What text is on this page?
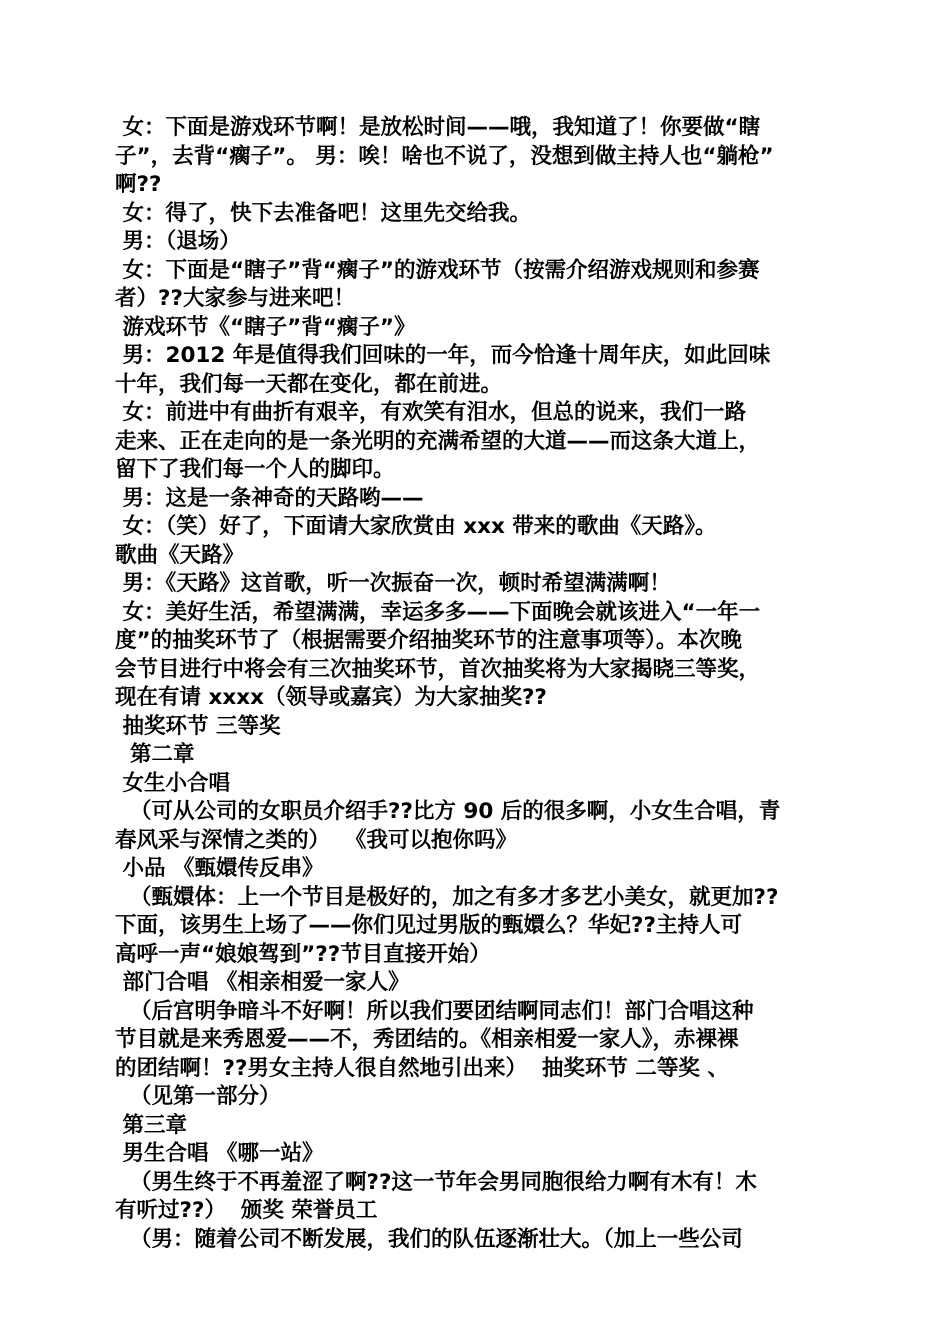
女：下面是游戏环节啊！是放松时间——哦，我知道了！你要做“瞎
子”，去背“瘸子”。 男：唉！啥也不说了，没想到做主持人也“躺枪”
啊??
女：得了，快下去准备吧！这里先交给我。
男：（退场）
女：下面是“瞎子”背“瘸子”的游戏环节（按需介绍游戏规则和参赛
者）??大家参与进来吧！
游戏环节《“瞎子”背“瘸子”》
男：2012 年是值得我们回味的一年，而今恰逢十周年庆，如此回味
十年，我们每一天都在变化，都在前进。
女：前进中有曲折有艰辛，有欢笑有泪水，但总的说来，我们一路
走来、正在走向的是一条光明的充满希望的大道——而这条大道上，
留下了我们每一个人的脚印。
男：这是一条神奇的天路哟——
女：（笑）好了，下面请大家欣赏由 xxx 带来的歌曲《天路》。
歌曲《天路》
男：《天路》这首歌，听一次振奋一次，顿时希望满满啊！
女：美好生活，希望满满，幸运多多——下面晚会就该进入“一年一
度”的抽奖环节了（根据需要介绍抽奖环节的注意事项等）。本次晚
会节目进行中将会有三次抽奖环节，首次抽奖将为大家揭晓三等奖，
现在有请 xxxx（领导或嘉宾）为大家抽奖??
抽奖环节 三等奖
第二章
女生小合唱
（可从公司的女职员介绍手??比方 90 后的很多啊，小女生合唱，青
春风采与深情之类的）  《我可以抱你吗》
小品 《甄嬛传反串》
（甄嬛体：上一个节目是极好的，加之有多才多艺小美女，就更加??
下面，该男生上场了——你们见过男版的甄嬛么？华妃??主持人可
高呼一声“娘娘驾到”??节目直接开始）
部门合唱 《相亲相爱一家人》
（后宫明争暗斗不好啊！所以我们要团结啊同志们！部门合唱这种
节目就是来秀恩爱——不，秀团结的。《相亲相爱一家人》，赤裸裸
的团结啊！??男女主持人很自然地引出来）  抽奖环节 二等奖 、
（见第一部分）
第三章
男生合唱 《哪一站》
（男生终于不再羞涩了啊??这一节年会男同胞很给力啊有木有！木
有听过??）  颁奖 荣誉员工
（男：随着公司不断发展，我们的队伍逐渐壮大。（加上一些公司
